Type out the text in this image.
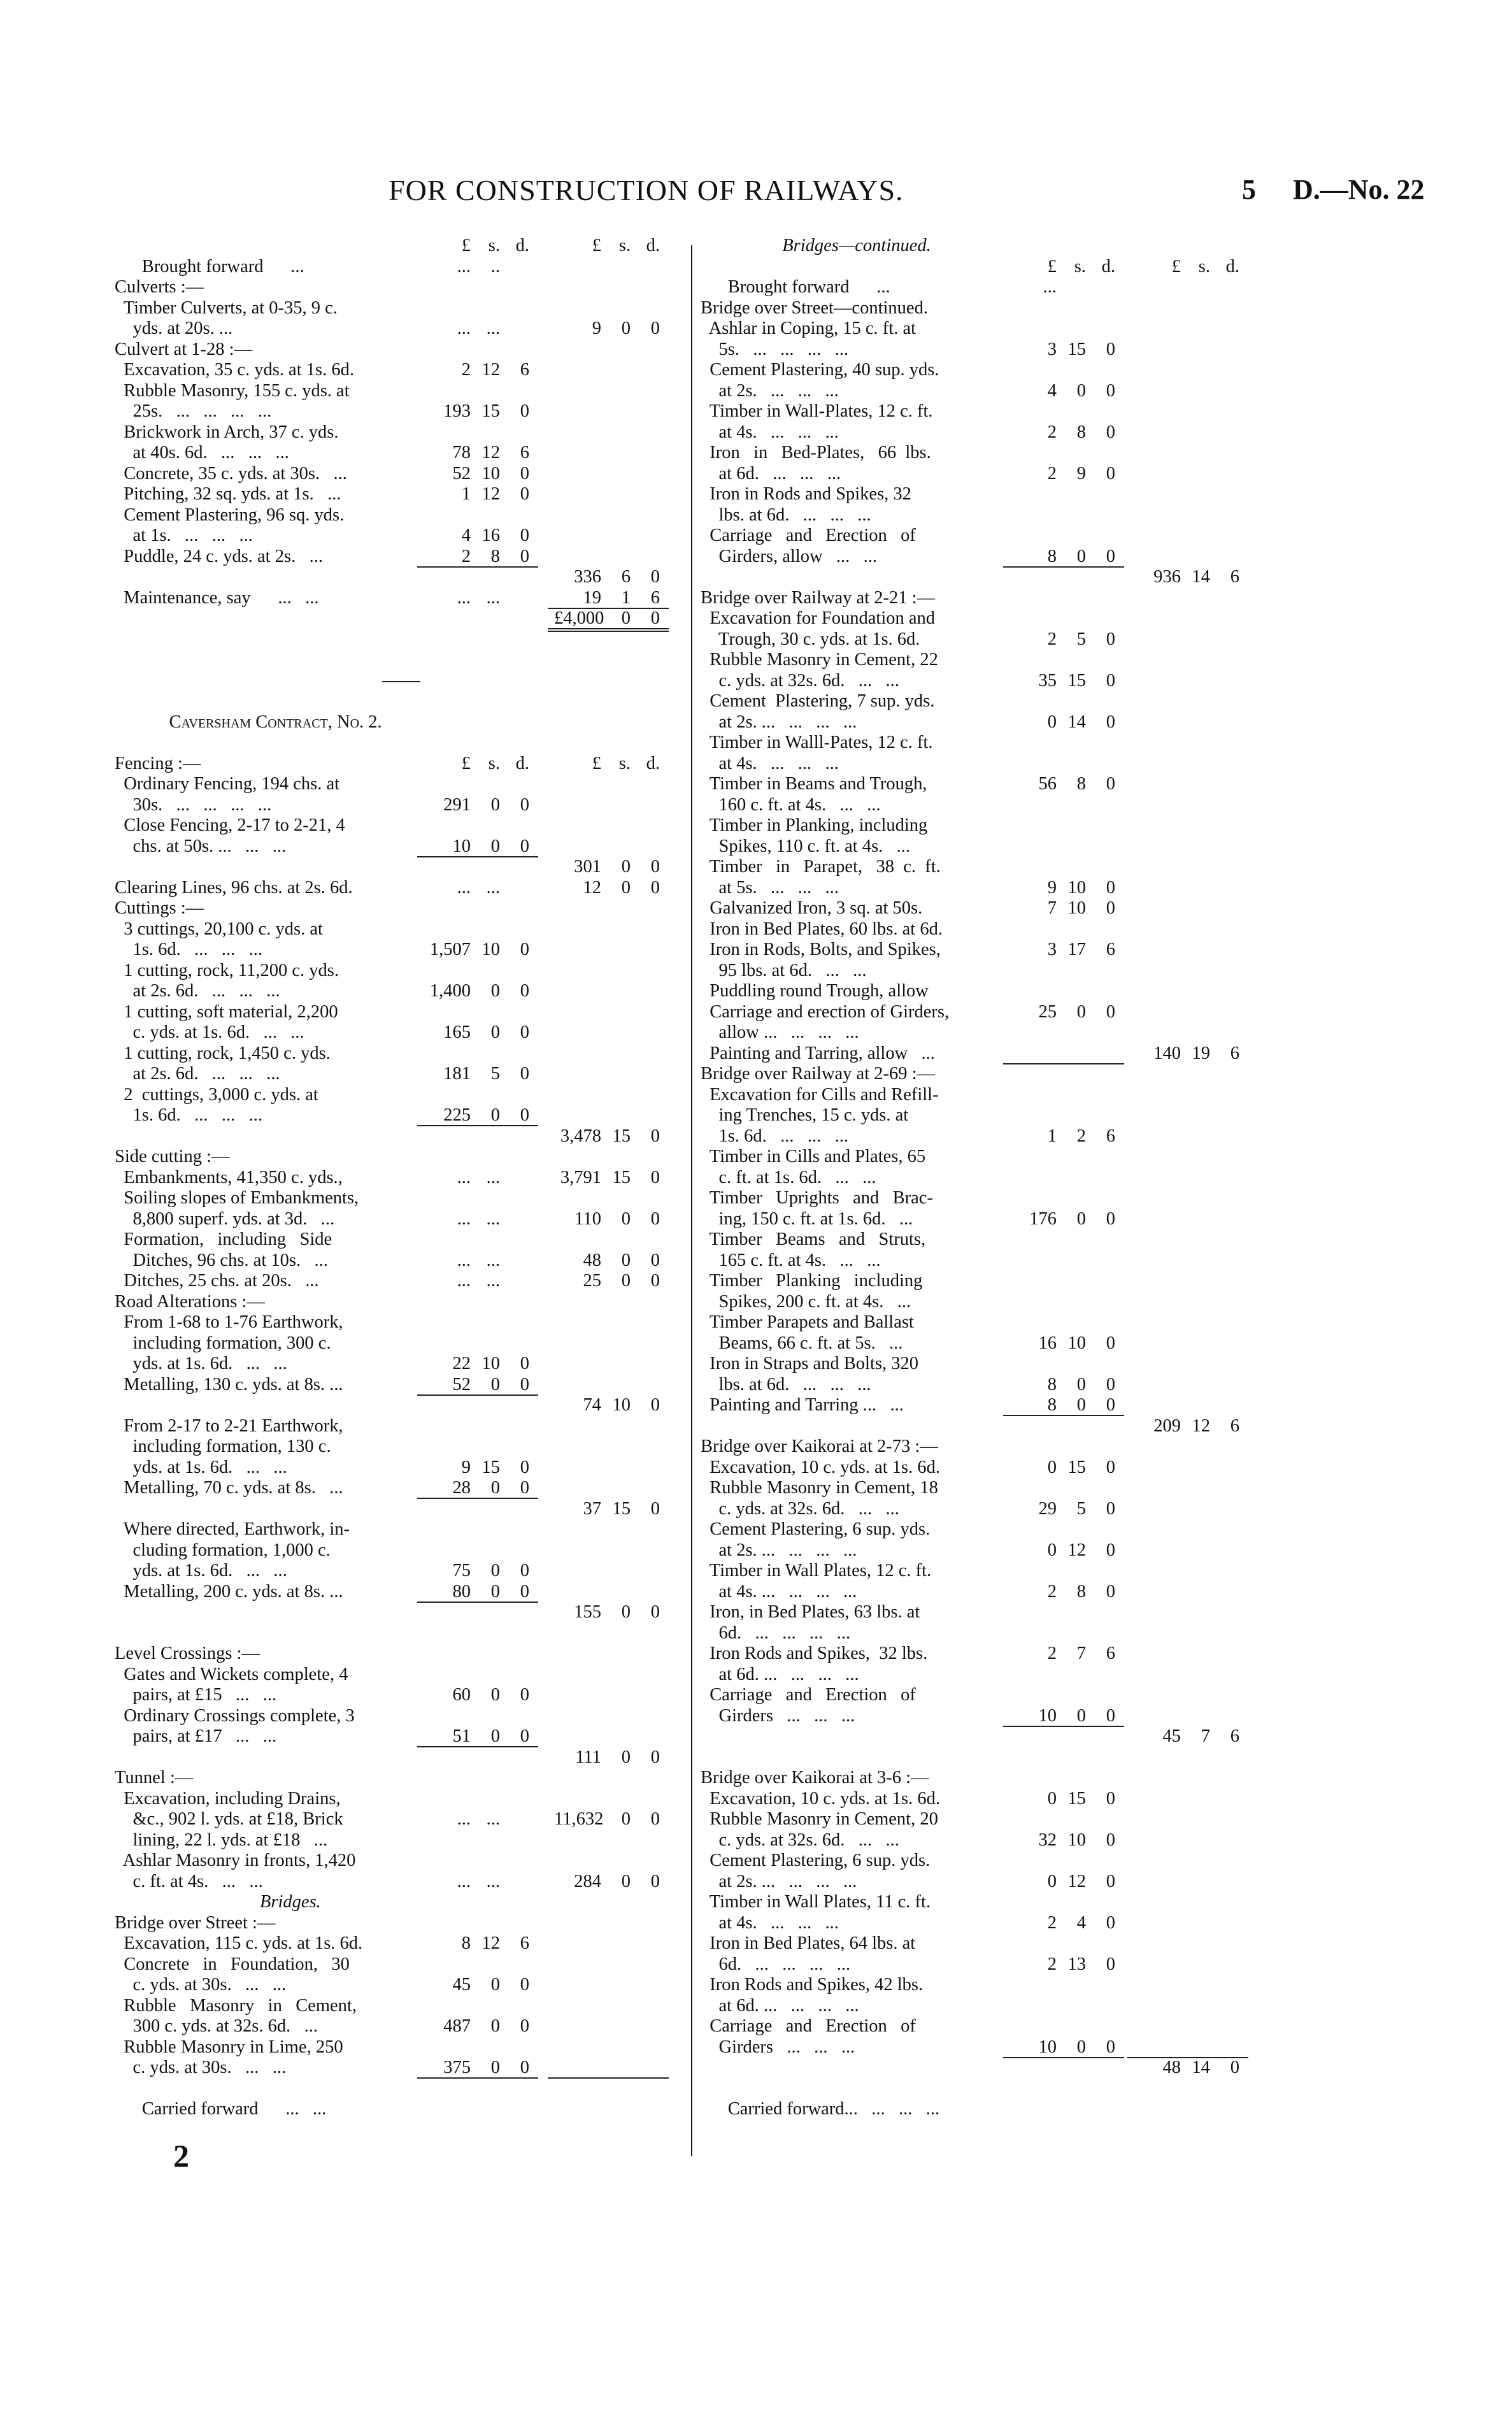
FOR CONSTRUCTION OF RAILWAYS.	5 D.—No. 22
£ s. d.	£ s. d.
Brought forward      ...	...	..
Culverts :—
Timber Culverts, at 0-35, 9 c.
yds. at 20s. ...	... ...	9	0	0
Culvert at 1-28 :—
Excavation, 35 c. yds. at 1s. 6d.	2 12	6
Rubble Masonry, 155 c. yds. at
25s.   ...   ...   ...   ...	193 15	0
Brickwork in Arch, 37 c. yds.
at 40s. 6d.   ...   ...   ...	78 12	6
Concrete, 35 c. yds. at 30s.   ...	52 10	0
Pitching, 32 sq. yds. at 1s.   ...	1 12	0
Cement Plastering, 96 sq. yds.
at 1s.   ...   ...   ...	4 16	0
Puddle, 24 c. yds. at 2s.   ...	2	8	0
336	6	0
Maintenance, say      ...   ...	... ...	19	1	6
£4,000 0	0
Caversham Contract, No. 2.
Fencing :—	£ s. d.	£ s. d.
Ordinary Fencing, 194 chs. at
30s.   ...   ...   ...   ...	291	0	0
Close Fencing, 2-17 to 2-21, 4
chs. at 50s. ...   ...   ...	10	0	0
301	0	0
Clearing Lines, 96 chs. at 2s. 6d.	... ...	12	0	0
Cuttings :—
3 cuttings, 20,100 c. yds. at
1s. 6d.   ...   ...   ...	1,507 10	0
1 cutting, rock, 11,200 c. yds.
at 2s. 6d.   ...   ...   ...	1,400	0	0
1 cutting, soft material, 2,200
c. yds. at 1s. 6d.   ...   ...	165	0	0
1 cutting, rock, 1,450 c. yds.
at 2s. 6d.   ...   ...   ...	181	5	0
2  cuttings, 3,000 c. yds. at
1s. 6d.   ...   ...   ...	225	0	0
3,478 15	0
Side cutting :—
Embankments, 41,350 c. yds.,	... ...	3,791 15	0
Soiling slopes of Embankments,
8,800 superf. yds. at 3d.   ...	... ...	110	0	0
Formation,   including   Side
Ditches, 96 chs. at 10s.   ...	... ...	48	0	0
Ditches, 25 chs. at 20s.   ...	... ...	25	0	0
Road Alterations :—
From 1-68 to 1-76 Earthwork,
including formation, 300 c.
yds. at 1s. 6d.   ...   ...	22 10	0
Metalling, 130 c. yds. at 8s. ...	52	0	0
74 10	0
From 2-17 to 2-21 Earthwork,
including formation, 130 c.
yds. at 1s. 6d.   ...   ...	9 15	0
Metalling, 70 c. yds. at 8s.   ...	28	0	0
37 15	0
Where directed, Earthwork, in-
cluding formation, 1,000 c.
yds. at 1s. 6d.   ...   ...	75	0	0
Metalling, 200 c. yds. at 8s. ...	80	0	0
155	0	0
Level Crossings :—
Gates and Wickets complete, 4
pairs, at £15   ...   ...	60	0	0
Ordinary Crossings complete, 3
pairs, at £17   ...   ...	51	0	0
111	0	0
Tunnel :—
Excavation, including Drains,
&c., 902 l. yds. at £18, Brick	... ...	11,632 0	0
lining, 22 l. yds. at £18   ...
Ashlar Masonry in fronts, 1,420
c. ft. at 4s.   ...   ...	... ...	284	0	0
Bridges.
Bridge over Street :—
Excavation, 115 c. yds. at 1s. 6d.	8 12	6
Concrete   in   Foundation,   30
c. yds. at 30s.   ...   ...	45	0	0
Rubble   Masonry   in   Cement,
300 c. yds. at 32s. 6d.   ...	487	0	0
Rubble Masonry in Lime, 250
c. yds. at 30s.   ...   ...	375	0	0
Carried forward      ...   ...
Bridges—continued.
£ s. d.	£ s. d.
Brought forward      ...	...
Bridge over Street—continued.
Ashlar in Coping, 15 c. ft. at
5s.   ...   ...   ...   ...	3 15	0
Cement Plastering, 40 sup. yds.
at 2s.   ...   ...   ...	4	0	0
Timber in Wall-Plates, 12 c. ft.
at 4s.   ...   ...   ...	2	8	0
Iron   in   Bed-Plates,   66  lbs.
at 6d.   ...   ...   ...	2	9	0
Iron in Rods and Spikes, 32
lbs. at 6d.   ...   ...   ...
Carriage   and   Erection   of
Girders, allow   ...   ...	8	0	0
936 14	6
Bridge over Railway at 2-21 :—
Excavation for Foundation and
Trough, 30 c. yds. at 1s. 6d.	2	5	0
Rubble Masonry in Cement, 22
c. yds. at 32s. 6d.   ...   ...	35 15	0
Cement  Plastering, 7 sup. yds.
at 2s. ...   ...   ...   ...	0 14	0
Timber in Walll-Pates, 12 c. ft.
at 4s.   ...   ...   ...
Timber in Beams and Trough,	56	8	0
160 c. ft. at 4s.   ...   ...
Timber in Planking, including
Spikes, 110 c. ft. at 4s.   ...
Timber   in   Parapet,   38  c.  ft.
at 5s.   ...   ...   ...	9 10	0
Galvanized Iron, 3 sq. at 50s.	7 10	0
Iron in Bed Plates, 60 lbs. at 6d.
Iron in Rods, Bolts, and Spikes,	3 17	6
95 lbs. at 6d.   ...   ...
Puddling round Trough, allow
Carriage and erection of Girders,	25	0	0
allow ...   ...   ...   ...
Painting and Tarring, allow   ...	140 19	6
Bridge over Railway at 2-69 :—
Excavation for Cills and Refill-
ing Trenches, 15 c. yds. at
1s. 6d.   ...   ...   ...	1	2	6
Timber in Cills and Plates, 65
c. ft. at 1s. 6d.   ...   ...
Timber   Uprights   and   Brac-
ing, 150 c. ft. at 1s. 6d.   ...	176	0	0
Timber   Beams   and   Struts,
165 c. ft. at 4s.   ...   ...
Timber   Planking   including
Spikes, 200 c. ft. at 4s.   ...
Timber Parapets and Ballast
Beams, 66 c. ft. at 5s.   ...	16 10	0
Iron in Straps and Bolts, 320
lbs. at 6d.   ...   ...   ...	8	0	0
Painting and Tarring ...   ...	8	0	0
209 12	6
Bridge over Kaikorai at 2-73 :—
Excavation, 10 c. yds. at 1s. 6d.	0 15	0
Rubble Masonry in Cement, 18
c. yds. at 32s. 6d.   ...   ...	29	5	0
Cement Plastering, 6 sup. yds.
at 2s. ...   ...   ...   ...	0 12	0
Timber in Wall Plates, 12 c. ft.
at 4s. ...   ...   ...   ...	2	8	0
Iron, in Bed Plates, 63 lbs. at
6d.   ...   ...   ...   ...
Iron Rods and Spikes,  32 lbs.	2	7	6
at 6d. ...   ...   ...   ...
Carriage   and   Erection   of
Girders   ...   ...   ...	10	0	0
45	7	6
Bridge over Kaikorai at 3-6 :—
Excavation, 10 c. yds. at 1s. 6d.	0 15	0
Rubble Masonry in Cement, 20
c. yds. at 32s. 6d.   ...   ...	32 10	0
Cement Plastering, 6 sup. yds.
at 2s. ...   ...   ...   ...	0 12	0
Timber in Wall Plates, 11 c. ft.
at 4s.   ...   ...   ...	2	4	0
Iron in Bed Plates, 64 lbs. at
6d.   ...   ...   ...   ...	2 13	0
Iron Rods and Spikes, 42 lbs.
at 6d. ...   ...   ...   ...
Carriage   and   Erection   of
Girders   ...   ...   ...	10	0	0
48 14	0
Carried forward...   ...   ...   ...
2
